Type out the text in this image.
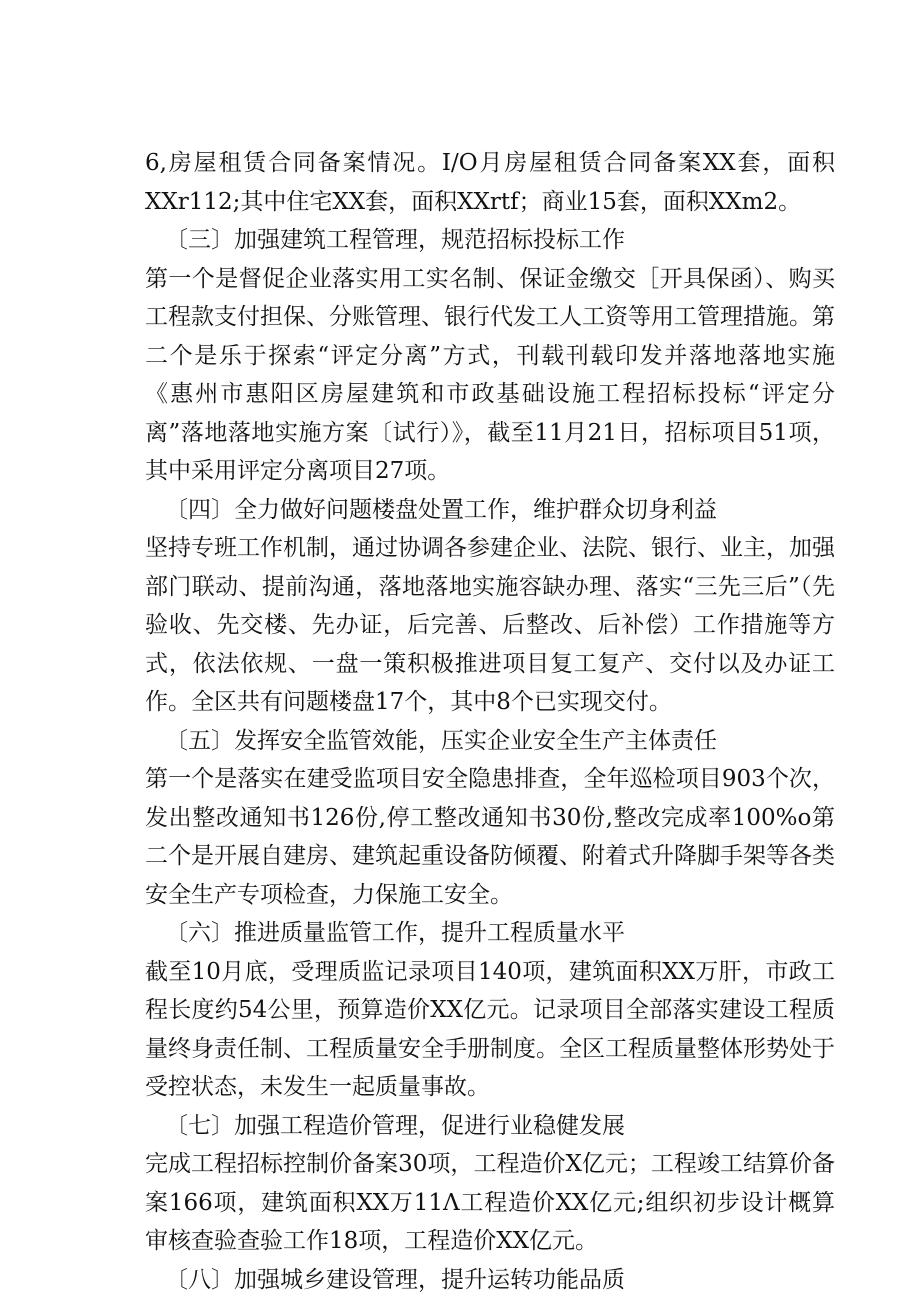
6,房屋租赁合同备案情况。I/O月房屋租赁合同备案XX套，面积XXr112;其中住宅XX套，面积XXrtf；商业15套，面积XXm2。

〔三〕加强建筑工程管理，规范招标投标工作

第一个是督促企业落实用工实名制、保证金缴交［开具保函）、购买工程款支付担保、分账管理、银行代发工人工资等用工管理措施。第二个是乐于探索“评定分离”方式，刊载刊载印发并落地落地实施《惠州市惠阳区房屋建筑和市政基础设施工程招标投标“评定分离”落地落地实施方案〔试行）》，截至11月21日，招标项目51项，其中采用评定分离项目27项。

〔四〕全力做好问题楼盘处置工作，维护群众切身利益

坚持专班工作机制，通过协调各参建企业、法院、银行、业主，加强部门联动、提前沟通，落地落地实施容缺办理、落实“三先三后”（先验收、先交楼、先办证，后完善、后整改、后补偿）工作措施等方式，依法依规、一盘一策积极推进项目复工复产、交付以及办证工作。全区共有问题楼盘17个，其中8个已实现交付。

〔五〕发挥安全监管效能，压实企业安全生产主体责任

第一个是落实在建受监项目安全隐患排查，全年巡检项目903个次，发出整改通知书126份,停工整改通知书30份,整改完成率100%o第二个是开展自建房、建筑起重设备防倾覆、附着式升降脚手架等各类安全生产专项检查，力保施工安全。

〔六〕推进质量监管工作，提升工程质量水平

截至10月底，受理质监记录项目140项，建筑面积XX万肝，市政工程长度约54公里，预算造价XX亿元。记录项目全部落实建设工程质量终身责任制、工程质量安全手册制度。全区工程质量整体形势处于受控状态，未发生一起质量事故。

〔七〕加强工程造价管理，促进行业稳健发展

完成工程招标控制价备案30项，工程造价X亿元；工程竣工结算价备案166项，建筑面积XX万11Λ工程造价XX亿元;组织初步设计概算审核查验查验工作18项，工程造价XX亿元。

〔八〕加强城乡建设管理，提升运转功能品质
